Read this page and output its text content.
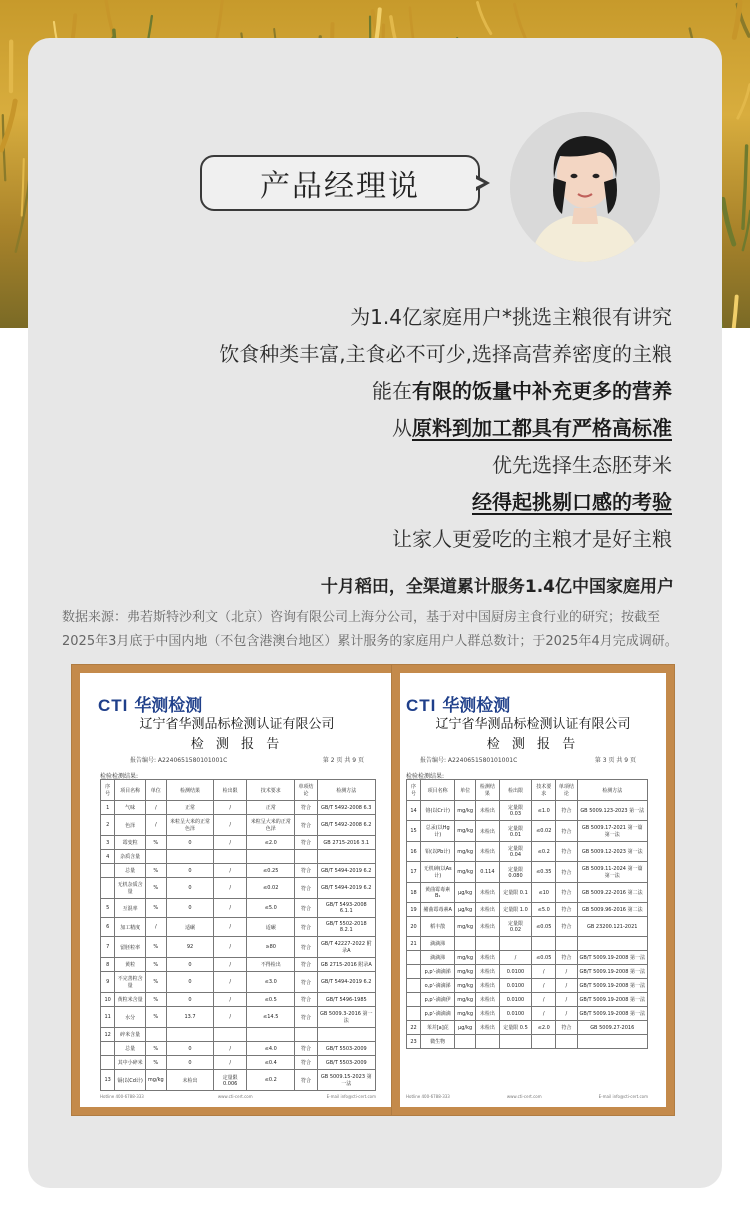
产品经理说
为1.4亿家庭用户*挑选主粮很有讲究
饮食种类丰富,主食必不可少,选择高营养密度的主粮
能在有限的饭量中补充更多的营养
从原料到加工都具有严格高标准
优先选择生态胚芽米
经得起挑剔口感的考验
让家人更爱吃的主粮才是好主粮
十月稻田，全渠道累计服务1.4亿中国家庭用户
数据来源：弗若斯特沙利文（北京）咨询有限公司上海分公司，基于对中国厨房主食行业的研究；按截至2025年3月底于中国内地（不包含港澳台地区）累计服务的家庭用户人群总数计；于2025年4月完成调研。
CTI 华测检测
辽宁省华测品标检测认证有限公司
检 测 报 告
报告编号: A2240651580101001C	第 2 页 共 9 页
检验检测结果:
序号	项目名称	单位	检测结果	检出限	技术要求	单项结论	检测方法
1	气味	/	正常	/	正常	符合	GB/T 5492-2008 6.3
2	色泽	/	米粒呈大米的正常色泽	/	米粒呈大米的正常色泽	符合	GB/T 5492-2008 6.2
3	霉变粒	%	0	/	≤2.0	符合	GB 2715-2016 3.1
4	杂质含量						
	总量	%	0	/	≤0.25	符合	GB/T 5494-2019 6.2
	无机杂质含量	%	0	/	≤0.02	符合	GB/T 5494-2019 6.2
5	互混率	%	0	/	≤5.0	符合	GB/T 5493-2008 6.1.1
6	加工精度	/	适碾	/	适碾	符合	GB/T 5502-2018 8.2.1
7	留胚粒率	%	92	/	≥80	符合	GB/T 42227-2022 附录A
8	黄粒	%	0	/	不得检出	符合	GB 2715-2016 附录A
9	不完善粒含量	%	0	/	≤3.0	符合	GB/T 5494-2019 6.2
10	黄粒米含量	%	0	/	≤0.5	符合	GB/T 5496-1985
11	水分	%	13.7	/	≤14.5	符合	GB 5009.3-2016 第一法
12	碎米含量						
	总量	%	0	/	≤4.0	符合	GB/T 5503-2009
	其中小碎米	%	0	/	≤0.4	符合	GB/T 5503-2009
13	镉(以Cd计)	mg/kg	未检出	定量限 0.006	≤0.2	符合	GB 5009.15-2023 第一法
Hotline 400-6788-333	www.cti-cert.com	E-mail info@cti-cert.com
CTI 华测检测
辽宁省华测品标检测认证有限公司
检 测 报 告
报告编号: A2240651580101001C	第 3 页 共 9 页
检验检测结果:
序号	项目名称	单位	检测结果	检出限	技术要求	单项结论	检测方法
14	铬(以Cr计)	mg/kg	未检出	定量限 0.03	≤1.0	符合	GB 5009.123-2023 第一法
15	总汞(以Hg计)	mg/kg	未检出	定量限 0.01	≤0.02	符合	GB 5009.17-2021 第一篇 第一法
16	铅(以Pb计)	mg/kg	未检出	定量限 0.04	≤0.2	符合	GB 5009.12-2023 第一法
17	无机砷(以As计)	mg/kg	0.114	定量限 0.080	≤0.35	符合	GB 5009.11-2024 第一篇 第一法
18	黄曲霉毒素B₁	μg/kg	未检出	定量限 0.1	≤10	符合	GB 5009.22-2016 第二法
19	赭曲霉毒素A	μg/kg	未检出	定量限 1.0	≤5.0	符合	GB 5009.96-2016 第二法
20	稻丰散	mg/kg	未检出	定量限 0.02	≤0.05	符合	GB 23200.121-2021
21	滴滴涕						
	滴滴涕	mg/kg	未检出	/	≤0.05	符合	GB/T 5009.19-2008 第一法
	p,p'-滴滴涕	mg/kg	未检出	0.0100	/	/	GB/T 5009.19-2008 第一法
	o,p'-滴滴涕	mg/kg	未检出	0.0100	/	/	GB/T 5009.19-2008 第一法
	p,p'-滴滴伊	mg/kg	未检出	0.0100	/	/	GB/T 5009.19-2008 第一法
	p,p'-滴滴滴	mg/kg	未检出	0.0100	/	/	GB/T 5009.19-2008 第一法
22	苯并[a]芘	μg/kg	未检出	定量限 0.5	≤2.0	符合	GB 5009.27-2016
23	微生物						
Hotline 400-6788-333	www.cti-cert.com	E-mail info@cti-cert.com
